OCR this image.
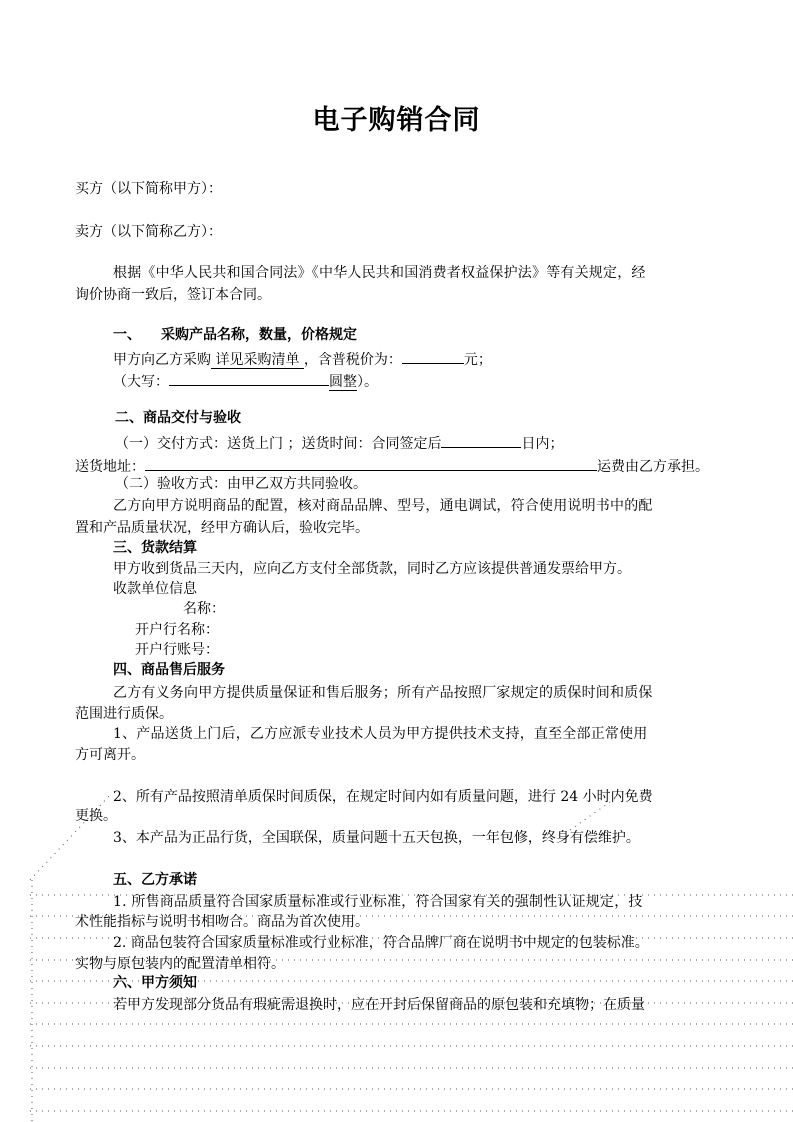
电子购销合同
买方（以下简称甲方）：
卖方（以下简称乙方）：
根据《中华人民共和国合同法》《中华人民共和国消费者权益保护法》等有关规定，经
询价协商一致后，签订本合同。
一、 采购产品名称，数量，价格规定
甲方向乙方采购 详见采购清单 ，含普税价为：	元；
（大写：	圆整）。
二、商品交付与验收
（一）交付方式：送货上门 ；送货时间：合同签定后	日内；
送货地址：	运费由乙方承担。
（二）验收方式：由甲乙双方共同验收。
乙方向甲方说明商品的配置，核对商品品牌、型号，通电调试，符合使用说明书中的配
置和产品质量状况，经甲方确认后，验收完毕。
三、货款结算
甲方收到货品三天内，应向乙方支付全部货款，同时乙方应该提供普通发票给甲方。
收款单位信息
名称：
开户行名称：
开户行账号：
四、商品售后服务
乙方有义务向甲方提供质量保证和售后服务；所有产品按照厂家规定的质保时间和质保
范围进行质保。
1、产品送货上门后，乙方应派专业技术人员为甲方提供技术支持，直至全部正常使用
方可离开。
2、所有产品按照清单质保时间质保，在规定时间内如有质量问题，进行 24 小时内免费
更换。
3、本产品为正品行货，全国联保，质量问题十五天包换，一年包修，终身有偿维护。
五、乙方承诺
1. 所售商品质量符合国家质量标准或行业标准，符合国家有关的强制性认证规定，技
术性能指标与说明书相吻合。商品为首次使用。
2. 商品包装符合国家质量标准或行业标准，符合品牌厂商在说明书中规定的包装标准。
实物与原包装内的配置清单相符。
六、甲方须知
若甲方发现部分货品有瑕疵需退换时，应在开封后保留商品的原包装和充填物；在质量
